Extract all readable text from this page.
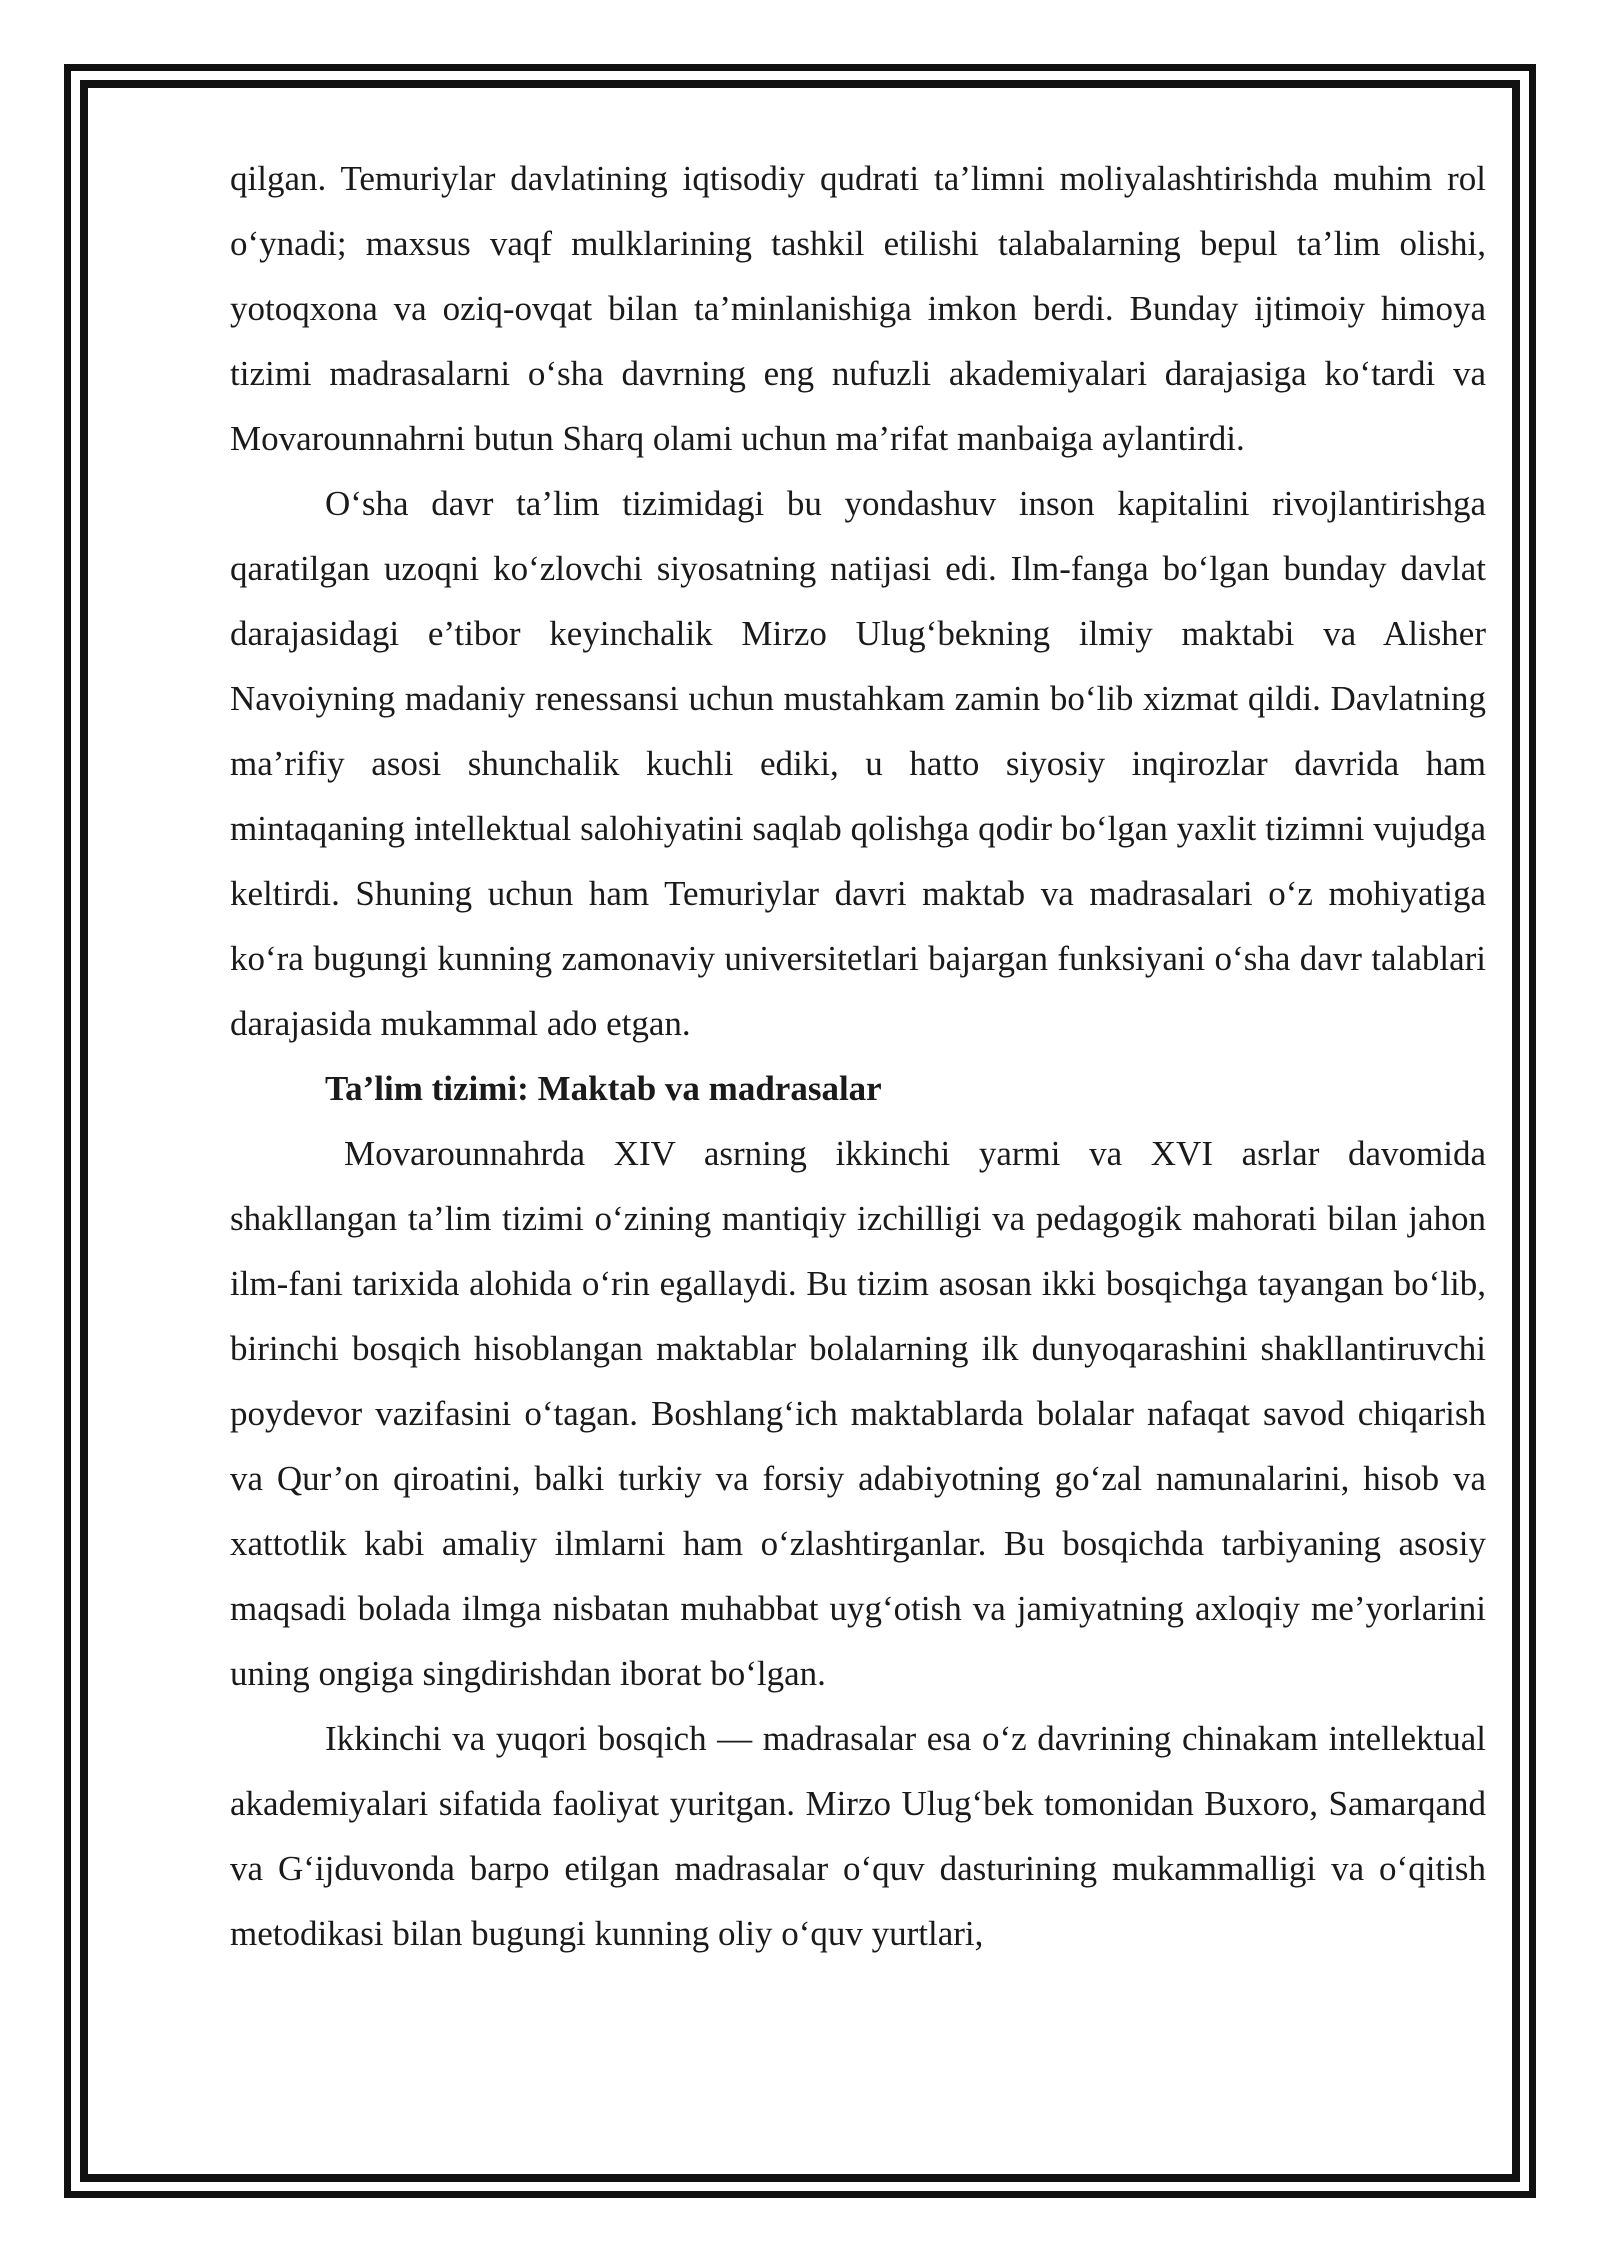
qilgan. Temuriylar davlatining iqtisodiy qudrati ta’limni moliyalashtirishda muhim rol o‘ynadi; maxsus vaqf mulklarining tashkil etilishi talabalarning bepul ta’lim olishi, yotoqxona va oziq-ovqat bilan ta’minlanishiga imkon berdi. Bunday ijtimoiy himoya tizimi madrasalarni o‘sha davrning eng nufuzli akademiyalari darajasiga ko‘tardi va Movarounnahrni butun Sharq olami uchun ma’rifat manbaiga aylantirdi.

O‘sha davr ta’lim tizimidagi bu yondashuv inson kapitalini rivojlantirishga qaratilgan uzoqni ko‘zlovchi siyosatning natijasi edi. Ilm-fanga bo‘lgan bunday davlat darajasidagi e’tibor keyinchalik Mirzo Ulug‘bekning ilmiy maktabi va Alisher Navoiyning madaniy renessansi uchun mustahkam zamin bo‘lib xizmat qildi. Davlatning ma’rifiy asosi shunchalik kuchli ediki, u hatto siyosiy inqirozlar davrida ham mintaqaning intellektual salohiyatini saqlab qolishga qodir bo‘lgan yaxlit tizimni vujudga keltirdi. Shuning uchun ham Temuriylar davri maktab va madrasalari o‘z mohiyatiga ko‘ra bugungi kunning zamonaviy universitetlari bajargan funksiyani o‘sha davr talablari darajasida mukammal ado etgan.

Ta’lim tizimi: Maktab va madrasalar

Movarounnahrda XIV asrning ikkinchi yarmi va XVI asrlar davomida shakllangan ta’lim tizimi o‘zining mantiqiy izchilligi va pedagogik mahorati bilan jahon ilm-fani tarixida alohida o‘rin egallaydi. Bu tizim asosan ikki bosqichga tayangan bo‘lib, birinchi bosqich hisoblangan maktablar bolalarning ilk dunyoqarashini shakllantiruvchi poydevor vazifasini o‘tagan. Boshlang‘ich maktablarda bolalar nafaqat savod chiqarish va Qur’on qiroatini, balki turkiy va forsiy adabiyotning go‘zal namunalarini, hisob va xattotlik kabi amaliy ilmlarni ham o‘zlashtirganlar. Bu bosqichda tarbiyaning asosiy maqsadi bolada ilmga nisbatan muhabbat uyg‘otish va jamiyatning axloqiy me’yorlarini uning ongiga singdirishdan iborat bo‘lgan.

Ikkinchi va yuqori bosqich — madrasalar esa o‘z davrining chinakam intellektual akademiyalari sifatida faoliyat yuritgan. Mirzo Ulug‘bek tomonidan Buxoro, Samarqand va G‘ijduvonda barpo etilgan madrasalar o‘quv dasturining mukammalligi va o‘qitish metodikasi bilan bugungi kunning oliy o‘quv yurtlari,
